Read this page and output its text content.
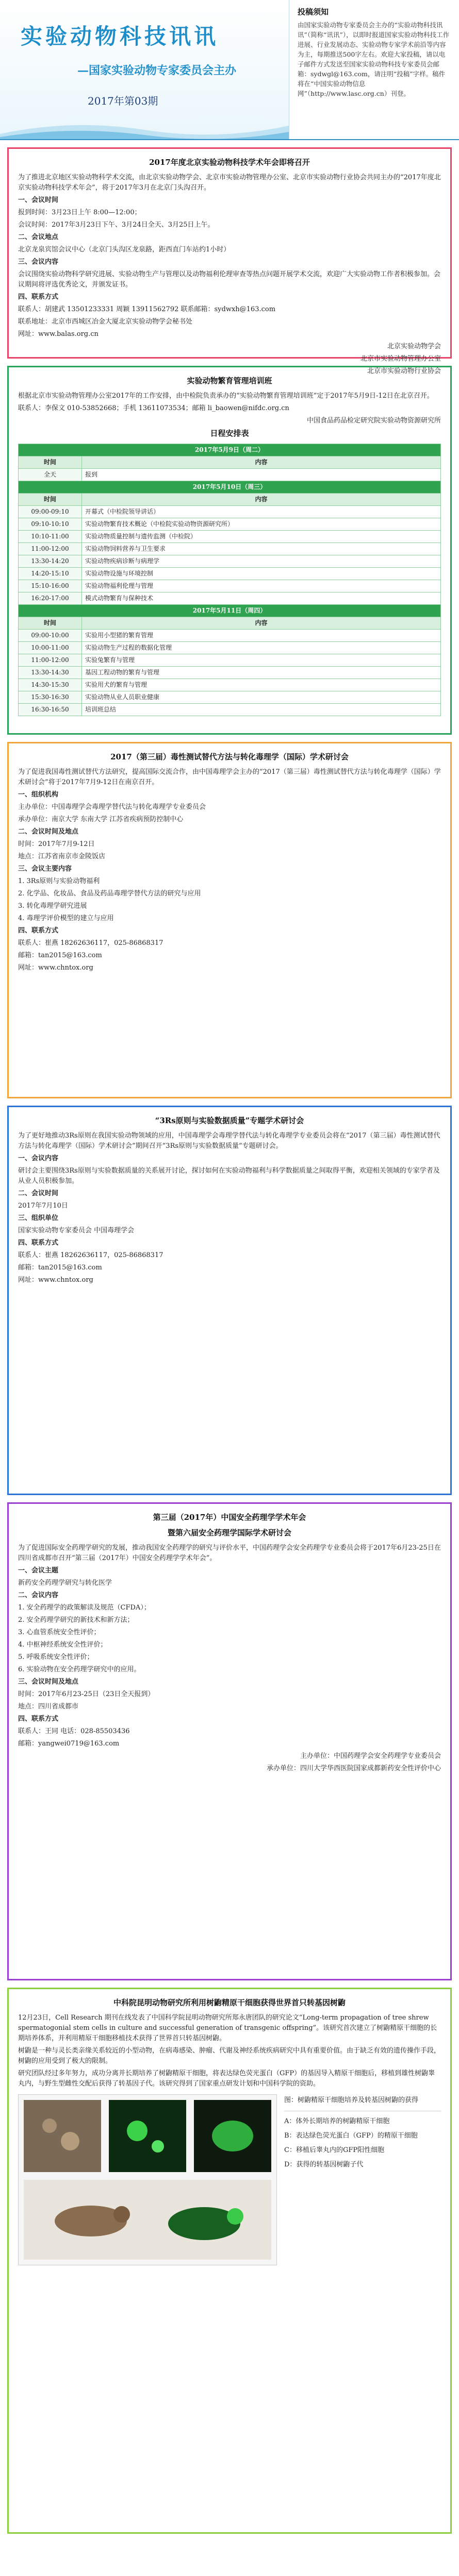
实验动物科技讯讯
—国家实验动物专家委员会主办
2017年第03期
投稿须知
由国家实验动物专家委员会主办的“实验动物科技讯讯”（简称“讯讯”），以即时报道国家实验动物科技工作进展、行业发展动态、实验动物专家学术前沿等内容为主，每期推送500字左右。欢迎大家投稿，请以电子邮件方式发送至国家实验动物科技专家委员会邮箱：sydwgl@163.com，请注明“投稿”字样。稿件将在“中国实验动物信息网”（http://www.lasc.org.cn）刊登。
2017年度北京实验动物科技学术年会即将召开

为了推进北京地区实验动物科学术交流，由北京实验动物学会、北京市实验动物管理办公室、北京市实验动物行业协会共同主办的“2017年度北京实验动物科技学术年会”，将于2017年3月在北京门头沟召开。

一、会议时间

报到时间：3月23日上午 8:00—12:00；

会议时间：2017年3月23日下午、3月24日全天、3月25日上午。

二、会议地点

北京龙泉宾馆会议中心（北京门头沟区龙泉路，距西直门车站约1小时）

三、会议内容

会议围绕实验动物科学研究进展、实验动物生产与管理以及动物福利伦理审查等热点问题开展学术交流，欢迎广大实验动物工作者积极参加。会议期间将评选优秀论文，并颁发证书。

四、联系方式

联系人：胡建武 13501233331 周颖 13911562792 联系邮箱：sydwxh@163.com

联系地址：北京市西城区冶金大厦北京实验动物学会秘书处

网址：www.balas.org.cn

北京实验动物学会

北京市实验动物管理办公室

北京市实验动物行业协会

实验动物繁育管理培训班

根据北京市实验动物管理办公室2017年的工作安排，由中检院负责承办的“实验动物繁育管理培训班”定于2017年5月9日-12日在北京召开。

联系人：李保文 010-53852668；手机 13611073534；邮箱 li_baowen@nifdc.org.cn

中国食品药品检定研究院实验动物资源研究所

日程安排表
2017年5月9日（周二）	
时间	内容
全天	报到
2017年5月10日（周三）	
时间	内容
09:00-09:10	开幕式（中检院领导讲话）
09:10-10:10	实验动物繁育技术概论（中检院实验动物资源研究所）
10:10-11:00	实验动物质量控制与遗传监测（中检院）
11:00-12:00	实验动物饲料营养与卫生要求
13:30-14:20	实验动物疾病诊断与病理学
14:20-15:10	实验动物设施与环境控制
15:10-16:00	实验动物福利伦理与管理
16:20-17:00	模式动物繁育与保种技术
2017年5月11日（周四）	
时间	内容
09:00-10:00	实验用小型猪的繁育管理
10:00-11:00	实验动物生产过程的数据化管理
11:00-12:00	实验兔繁育与管理
13:30-14:30	基因工程动物的繁育与管理
14:30-15:30	实验用犬的繁育与管理
15:30-16:30	实验动物从业人员职业健康
16:30-16:50	培训班总结
2017（第三届）毒性测试替代方法与转化毒理学（国际）学术研讨会

为了促进我国毒性测试替代方法研究，提高国际交流合作，由中国毒理学会主办的“2017（第三届）毒性测试替代方法与转化毒理学（国际）学术研讨会”将于2017年7月9-12日在南京召开。

一、组织机构

主办单位：中国毒理学会毒理学替代法与转化毒理学专业委员会

承办单位：南京大学 东南大学 江苏省疾病预防控制中心

二、会议时间及地点

时间：2017年7月9-12日

地点：江苏省南京市金陵饭店

三、会议主要内容

1. 3Rs原则与实验动物福利

2. 化学品、化妆品、食品及药品毒理学替代方法的研究与应用

3. 转化毒理学研究进展

4. 毒理学评价模型的建立与应用

四、联系方式

联系人：崔燕 18262636117，025-86868317

邮箱：tan2015@163.com

网址：www.chntox.org

“3Rs原则与实验数据质量”专题学术研讨会

为了更好地推动3Rs原则在我国实验动物领域的应用，中国毒理学会毒理学替代法与转化毒理学专业委员会将在“2017（第三届）毒性测试替代方法与转化毒理学（国际）学术研讨会”期间召开“3Rs原则与实验数据质量”专题研讨会。

一、会议内容

研讨会主要围绕3Rs原则与实验数据质量的关系展开讨论，探讨如何在实验动物福利与科学数据质量之间取得平衡，欢迎相关领域的专家学者及从业人员积极参加。

二、会议时间

2017年7月10日

三、组织单位

国家实验动物专家委员会 中国毒理学会

四、联系方式

联系人：崔燕 18262636117，025-86868317

邮箱：tan2015@163.com

网址：www.chntox.org

第三届（2017年）中国安全药理学学术年会
暨第六届安全药理学国际学术研讨会

为了促进国际安全药理学研究的发展，推动我国安全药理学的研究与评价水平，中国药理学会安全药理学专业委员会将于2017年6月23-25日在四川省成都市召开“第三届（2017年）中国安全药理学学术年会”。

一、会议主题

新药安全药理学研究与转化医学

二、会议内容

1. 安全药理学的政策解读及规范（CFDA）；

2. 安全药理学研究的新技术和新方法；

3. 心血管系统安全性评价；

4. 中枢神经系统安全性评价；

5. 呼吸系统安全性评价；

6. 实验动物在安全药理学研究中的应用。

三、会议时间及地点

时间：2017年6月23-25日（23日全天报到）

地点：四川省成都市

四、联系方式

联系人：王同 电话：028-85503436

邮箱：yangwei0719@163.com

主办单位：中国药理学会安全药理学专业委员会

承办单位：四川大学华西医院国家成都新药安全性评价中心

中科院昆明动物研究所利用树鼩精原干细胞获得世界首只转基因树鼩

12月23日，Cell Research 期刊在线发表了中国科学院昆明动物研究所郑永唐团队的研究论文“Long-term propagation of tree shrew spermatogonial stem cells in culture and successful generation of transgenic offspring”。该研究首次建立了树鼩精原干细胞的长期培养体系，并利用精原干细胞移植技术获得了世界首只转基因树鼩。

树鼩是一种与灵长类亲缘关系较近的小型动物，在病毒感染、肿瘤、代谢及神经系统疾病研究中具有重要价值。由于缺乏有效的遗传操作手段，树鼩的应用受到了极大的限制。

研究团队经过多年努力，成功分离并长期培养了树鼩精原干细胞，将表达绿色荧光蛋白（GFP）的基因导入精原干细胞后，移植到雄性树鼩睾丸内，与野生型雌性交配后获得了转基因子代。该研究得到了国家重点研发计划和中国科学院的资助。

图：树鼩精原干细胞培养及转基因树鼩的获得

A：体外长期培养的树鼩精原干细胞

B：表达绿色荧光蛋白（GFP）的精原干细胞

C：移植后睾丸内的GFP阳性细胞

D：获得的转基因树鼩子代
